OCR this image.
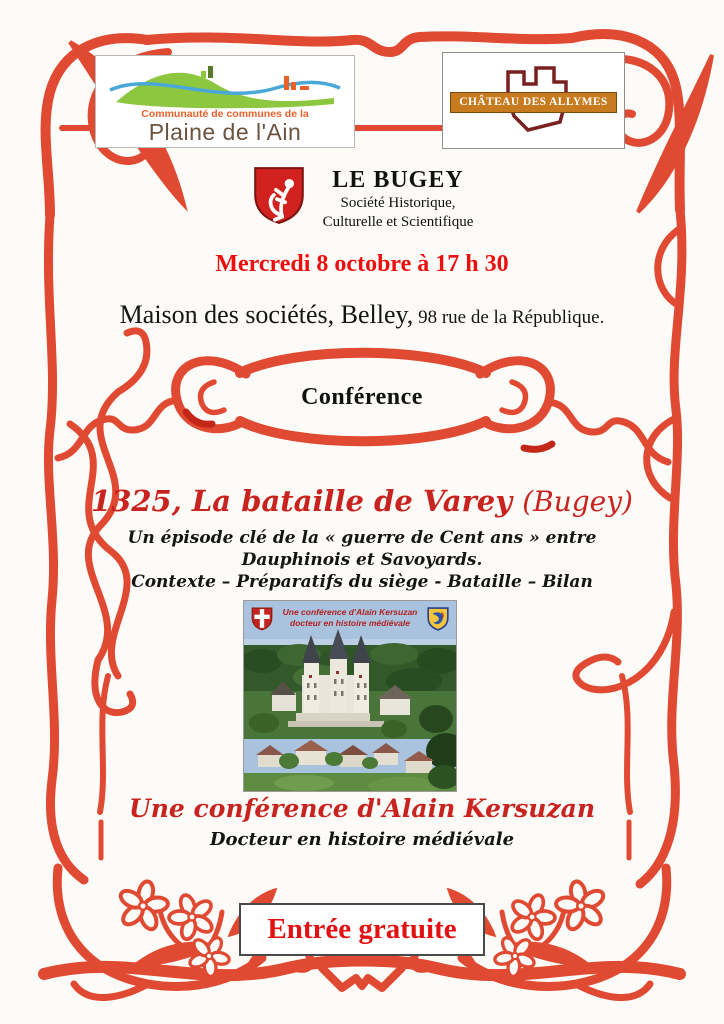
Communauté de communes de la
Plaine de l'Ain
CHÂTEAU DES ALLYMES
LE BUGEY
Société Historique,
Culturelle et Scientifique
Mercredi 8 octobre à 17 h 30
Maison des sociétés, Belley, 98 rue de la République.
Conférence
1325, La bataille de Varey (Bugey)
Un épisode clé de la « guerre de Cent ans » entre
Dauphinois et Savoyards.
Contexte – Préparatifs du siège - Bataille – Bilan
Une conférence d'Alain Kersuzan
docteur en histoire médiévale
Une conférence d'Alain Kersuzan
Docteur en histoire médiévale
Entrée gratuite
